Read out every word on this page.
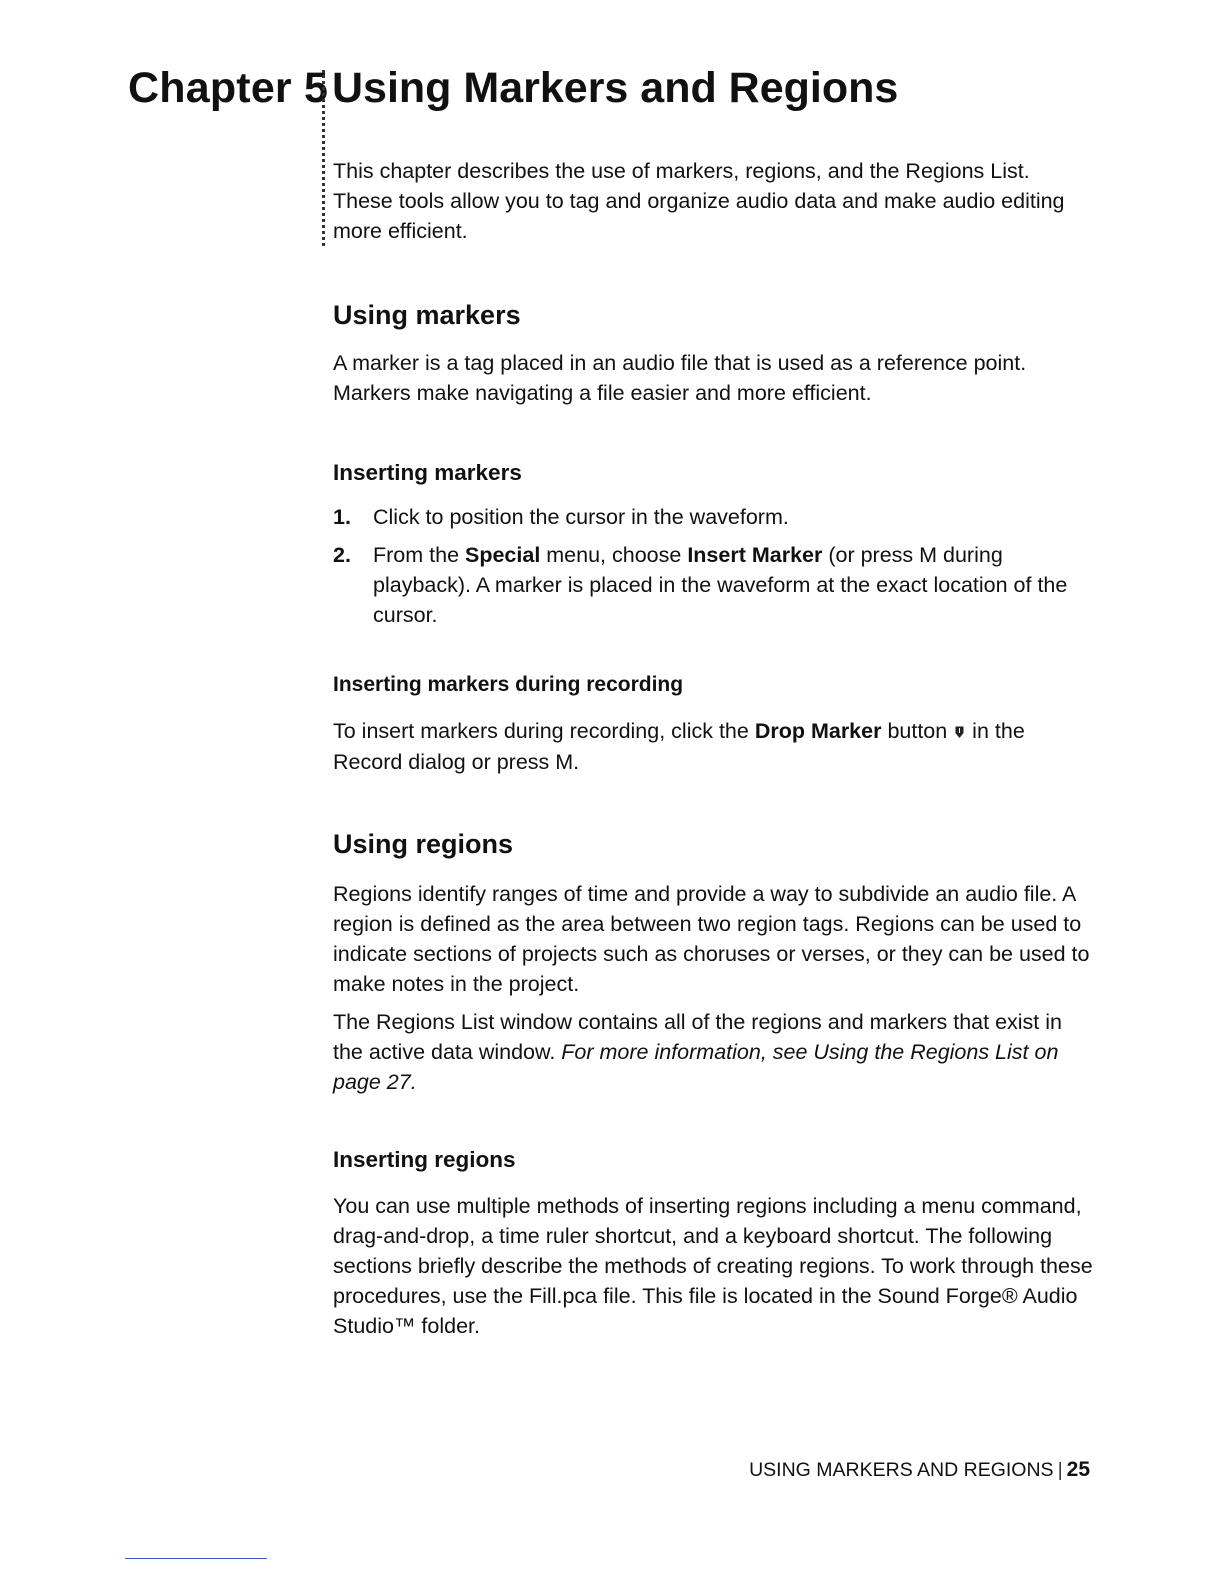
Chapter 5 Using Markers and Regions

This chapter describes the use of markers, regions, and the Regions List. These tools allow you to tag and organize audio data and make audio editing more efficient.

Using markers

A marker is a tag placed in an audio file that is used as a reference point. Markers make navigating a file easier and more efficient.

Inserting markers
1. Click to position the cursor in the waveform.
2. From the Special menu, choose Insert Marker (or press M during playback). A marker is placed in the waveform at the exact location of the cursor.
Inserting markers during recording

To insert markers during recording, click the Drop Marker button  in the Record dialog or press M.

Using regions

Regions identify ranges of time and provide a way to subdivide an audio file. A region is defined as the area between two region tags. Regions can be used to indicate sections of projects such as choruses or verses, or they can be used to make notes in the project.

The Regions List window contains all of the regions and markers that exist in the active data window. For more information, see Using the Regions List on page 27.

Inserting regions

You can use multiple methods of inserting regions including a menu command, drag-and-drop, a time ruler shortcut, and a keyboard shortcut. The following sections briefly describe the methods of creating regions. To work through these procedures, use the Fill.pca file. This file is located in the Sound Forge® Audio Studio™ folder.

USING MARKERS AND REGIONS | 25
